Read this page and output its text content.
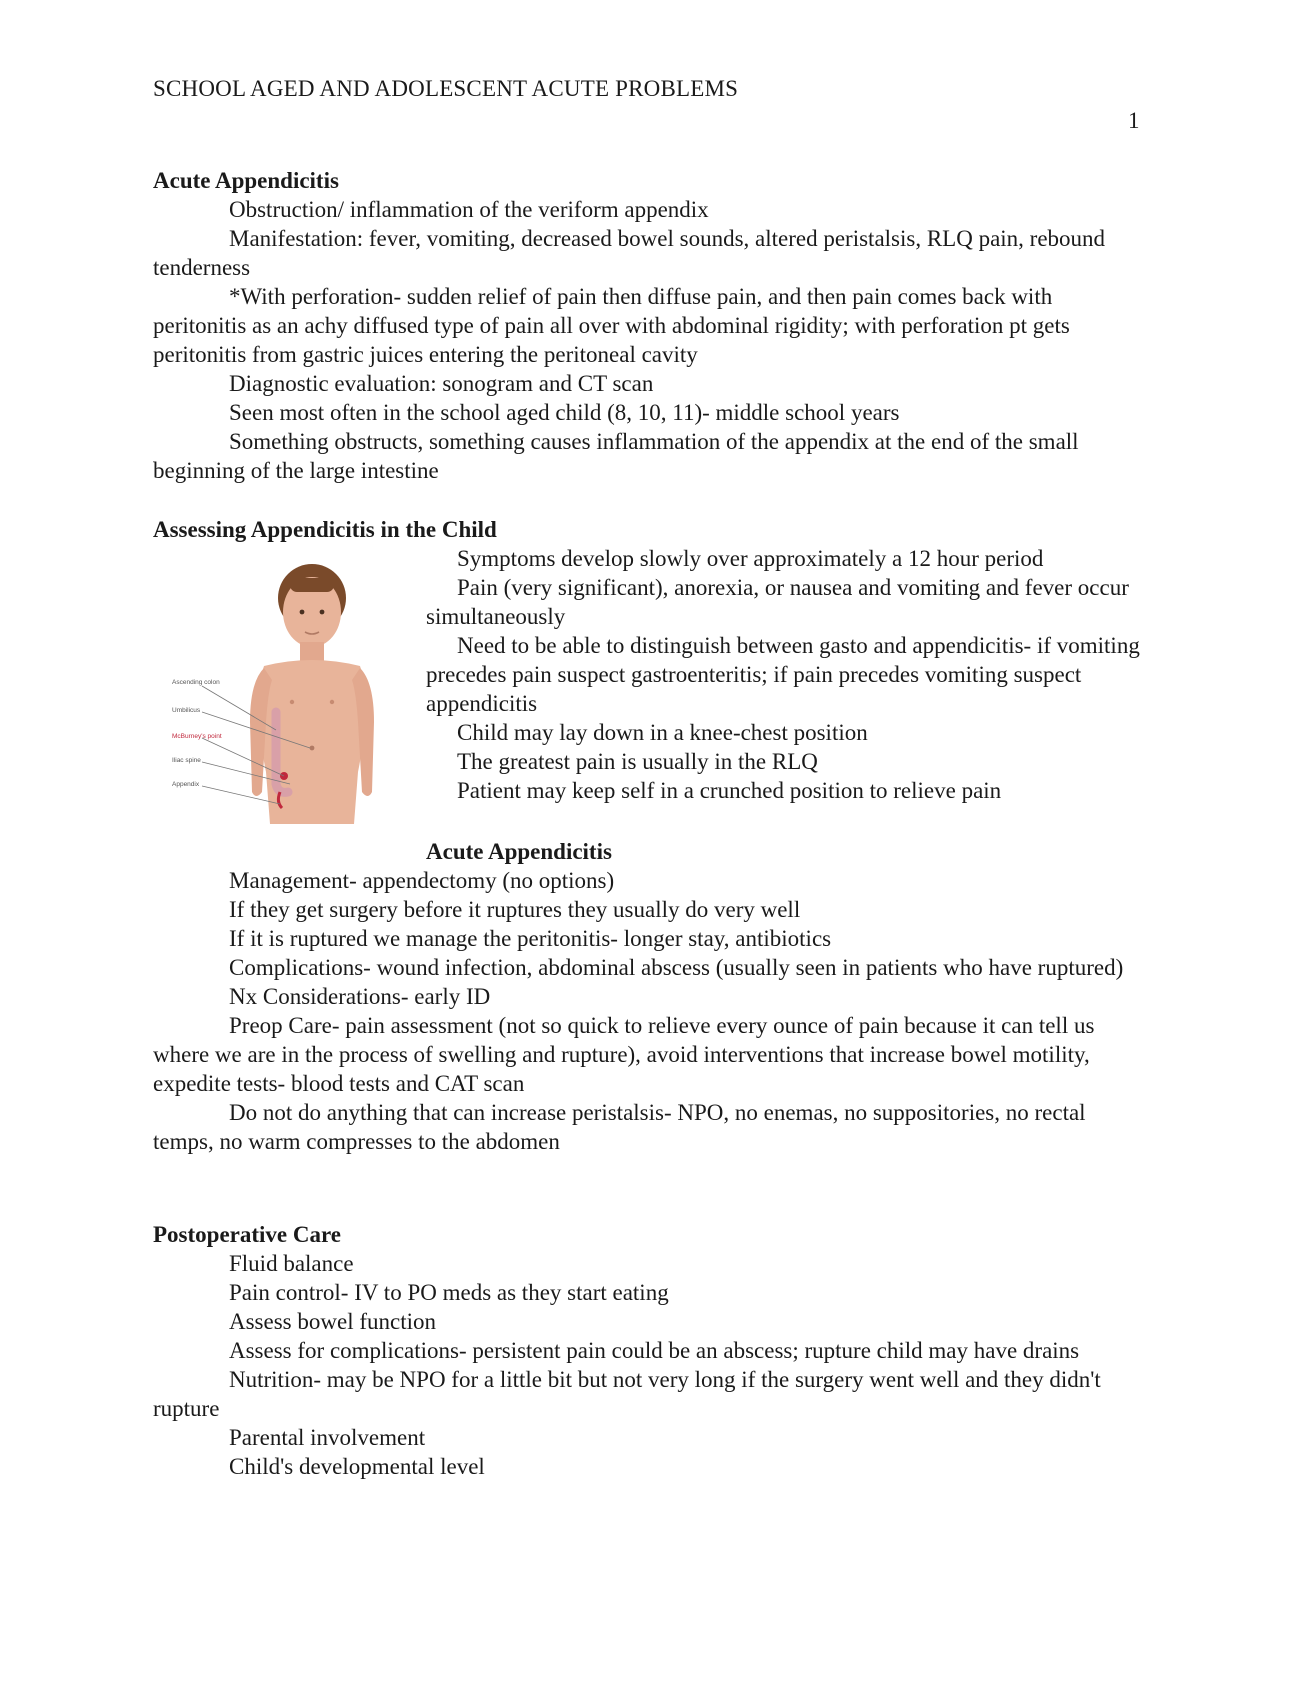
SCHOOL AGED AND ADOLESCENT ACUTE PROBLEMS
1
Acute Appendicitis

Obstruction/ inflammation of the veriform appendix

Manifestation: fever, vomiting, decreased bowel sounds, altered peristalsis, RLQ pain, rebound tenderness

*With perforation- sudden relief of pain then diffuse pain, and then pain comes back with peritonitis as an achy diffused type of pain all over with abdominal rigidity; with perforation pt gets peritonitis from gastric juices entering the peritoneal cavity

Diagnostic evaluation: sonogram and CT scan

Seen most often in the school aged child (8, 10, 11)- middle school years

Something obstructs, something causes inflammation of the appendix at the end of the small beginning of the large intestine

Assessing Appendicitis in the Child
Ascending colon
Umbilicus
McBurney's point
Iliac spine
Appendix

Symptoms develop slowly over approximately a 12 hour period

Pain (very significant), anorexia, or nausea and vomiting and fever occur simultaneously

Need to be able to distinguish between gasto and appendicitis- if vomiting precedes pain suspect gastroenteritis; if pain precedes vomiting suspect appendicitis

Child may lay down in a knee-chest position

The greatest pain is usually in the RLQ

Patient may keep self in a crunched position to relieve pain

Acute Appendicitis

Management- appendectomy (no options)

If they get surgery before it ruptures they usually do very well

If it is ruptured we manage the peritonitis- longer stay, antibiotics

Complications- wound infection, abdominal abscess (usually seen in patients who have ruptured)

Nx Considerations- early ID

Preop Care- pain assessment (not so quick to relieve every ounce of pain because it can tell us where we are in the process of swelling and rupture), avoid interventions that increase bowel motility, expedite tests- blood tests and CAT scan

Do not do anything that can increase peristalsis- NPO, no enemas, no suppositories, no rectal temps, no warm compresses to the abdomen

Postoperative Care

Fluid balance

Pain control- IV to PO meds as they start eating

Assess bowel function

Assess for complications- persistent pain could be an abscess; rupture child may have drains

Nutrition- may be NPO for a little bit but not very long if the surgery went well and they didn't rupture

Parental involvement

Child's developmental level
